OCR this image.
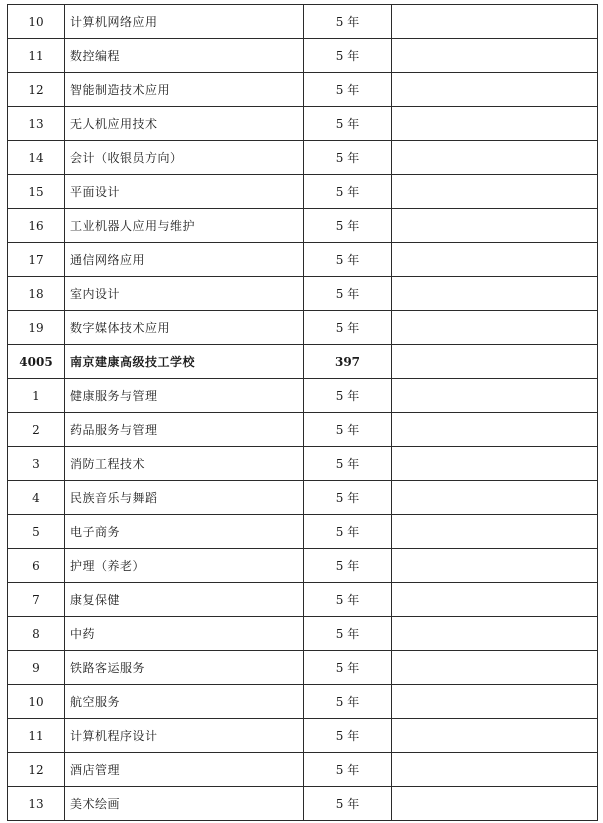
10	计算机网络应用	5 年	
11	数控编程	5 年	
12	智能制造技术应用	5 年	
13	无人机应用技术	5 年	
14	会计（收银员方向）	5 年	
15	平面设计	5 年	
16	工业机器人应用与维护	5 年	
17	通信网络应用	5 年	
18	室内设计	5 年	
19	数字媒体技术应用	5 年	
4005	南京建康高级技工学校	397	
1	健康服务与管理	5 年	
2	药品服务与管理	5 年	
3	消防工程技术	5 年	
4	民族音乐与舞蹈	5 年	
5	电子商务	5 年	
6	护理（养老）	5 年	
7	康复保健	5 年	
8	中药	5 年	
9	铁路客运服务	5 年	
10	航空服务	5 年	
11	计算机程序设计	5 年	
12	酒店管理	5 年	
13	美术绘画	5 年	
